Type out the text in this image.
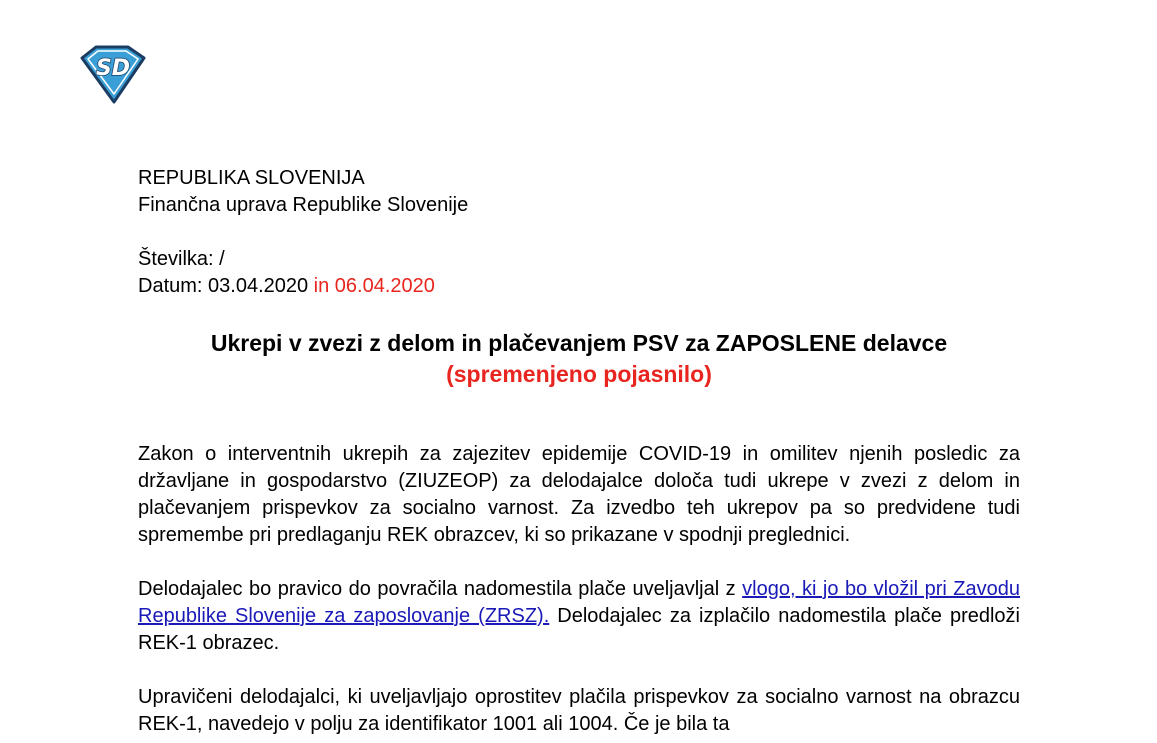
SD
REPUBLIKA SLOVENIJA
Finančna uprava Republike Slovenije
Številka: /
Datum: 03.04.2020 in 06.04.2020
Ukrepi v zvezi z delom in plačevanjem PSV za ZAPOSLENE delavce
(spremenjeno pojasnilo)

Zakon o interventnih ukrepih za zajezitev epidemije COVID-19 in omilitev njenih posledic za državljane in gospodarstvo (ZIUZEOP) za delodajalce določa tudi ukrepe v zvezi z delom in plačevanjem prispevkov za socialno varnost. Za izvedbo teh ukrepov pa so predvidene tudi spremembe pri predlaganju REK obrazcev, ki so prikazane v spodnji preglednici.

Delodajalec bo pravico do povračila nadomestila plače uveljavljal z vlogo, ki jo bo vložil pri Zavodu Republike Slovenije za zaposlovanje (ZRSZ). Delodajalec za izplačilo nadomestila plače predloži REK-1 obrazec.

Upravičeni delodajalci, ki uveljavljajo oprostitev plačila prispevkov za socialno varnost na obrazcu REK-1, navedejo v polju za identifikator 1001 ali 1004. Če je bila ta
